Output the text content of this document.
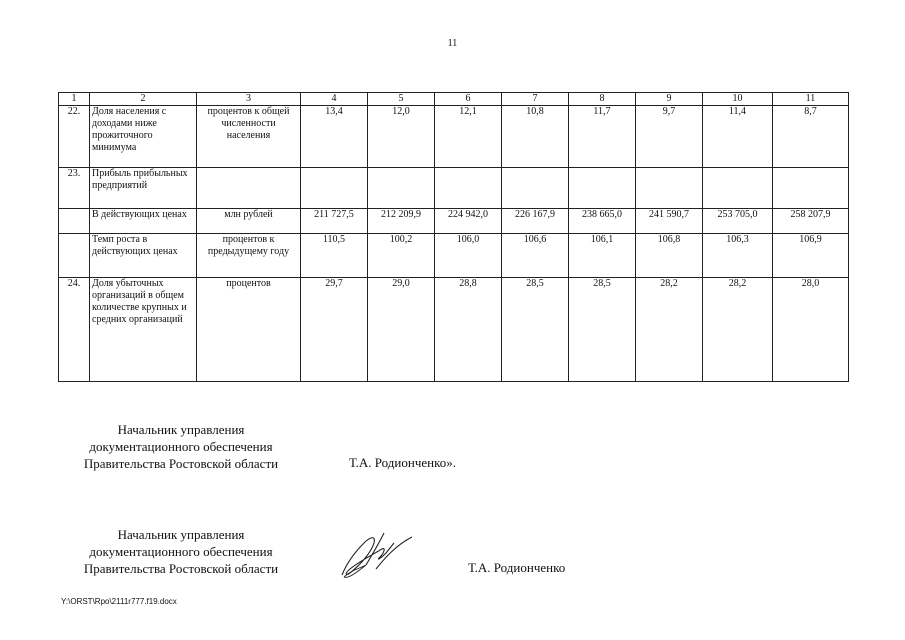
11
1	2	3	4	5	6	7	8	9	10	11
22.	Доля населения с доходами ниже прожиточного минимума	процентов к общей численности населения	13,4	12,0	12,1	10,8	11,7	9,7	11,4	8,7
23.	Прибыль прибыльных предприятий									
	В действующих ценах	млн рублей	211 727,5	212 209,9	224 942,0	226 167,9	238 665,0	241 590,7	253 705,0	258 207,9
	Темп роста в действующих ценах	процентов к предыдущему году	110,5	100,2	106,0	106,6	106,1	106,8	106,3	106,9
24.	Доля убыточных организаций в общем количестве крупных и средних организаций	процентов	29,7	29,0	28,8	28,5	28,5	28,2	28,2	28,0
Начальник управления
документационного обеспечения
Правительства Ростовской области	Т.А. Родионченко».
Начальник управления
документационного обеспечения
Правительства Ростовской области	Т.А. Родионченко
Y:\ORST\Rpo\2111r777.f19.docx
